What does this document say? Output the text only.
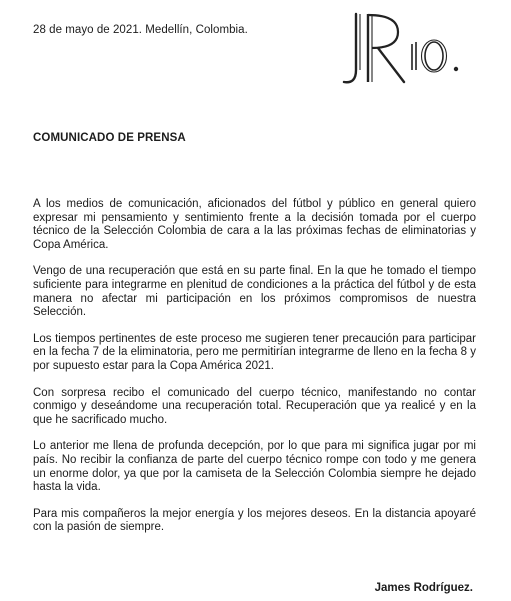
28 de mayo de 2021. Medellín, Colombia.
COMUNICADO DE PRENSA

A los medios de comunicación, aficionados del fútbol y público en general quiero expresar mi pensamiento y sentimiento frente a la decisión tomada por el cuerpo técnico de la Selección Colombia de cara a la las próximas fechas de eliminatorias y Copa América.

Vengo de una recuperación que está en su parte final. En la que he tomado el tiempo suficiente para integrarme en plenitud de condiciones a la práctica del fútbol y de esta manera no afectar mi participación en los próximos compromisos de nuestra Selección.

Los tiempos pertinentes de este proceso me sugieren tener precaución para participar en la fecha 7 de la eliminatoria, pero me permitirían integrarme de lleno en la fecha 8 y por supuesto estar para la Copa América 2021.

Con sorpresa recibo el comunicado del cuerpo técnico, manifestando no contar conmigo y deseándome una recuperación total. Recuperación que ya realicé y en la que he sacrificado mucho.

Lo anterior me llena de profunda decepción, por lo que para mi significa jugar por mi país. No recibir la confianza de parte del cuerpo técnico rompe con todo y me genera un enorme dolor, ya que por la camiseta de la Selección Colombia siempre he dejado hasta la vida.

Para mis compañeros la mejor energía y los mejores deseos. En la distancia apoyaré con la pasión de siempre.

James Rodríguez.
